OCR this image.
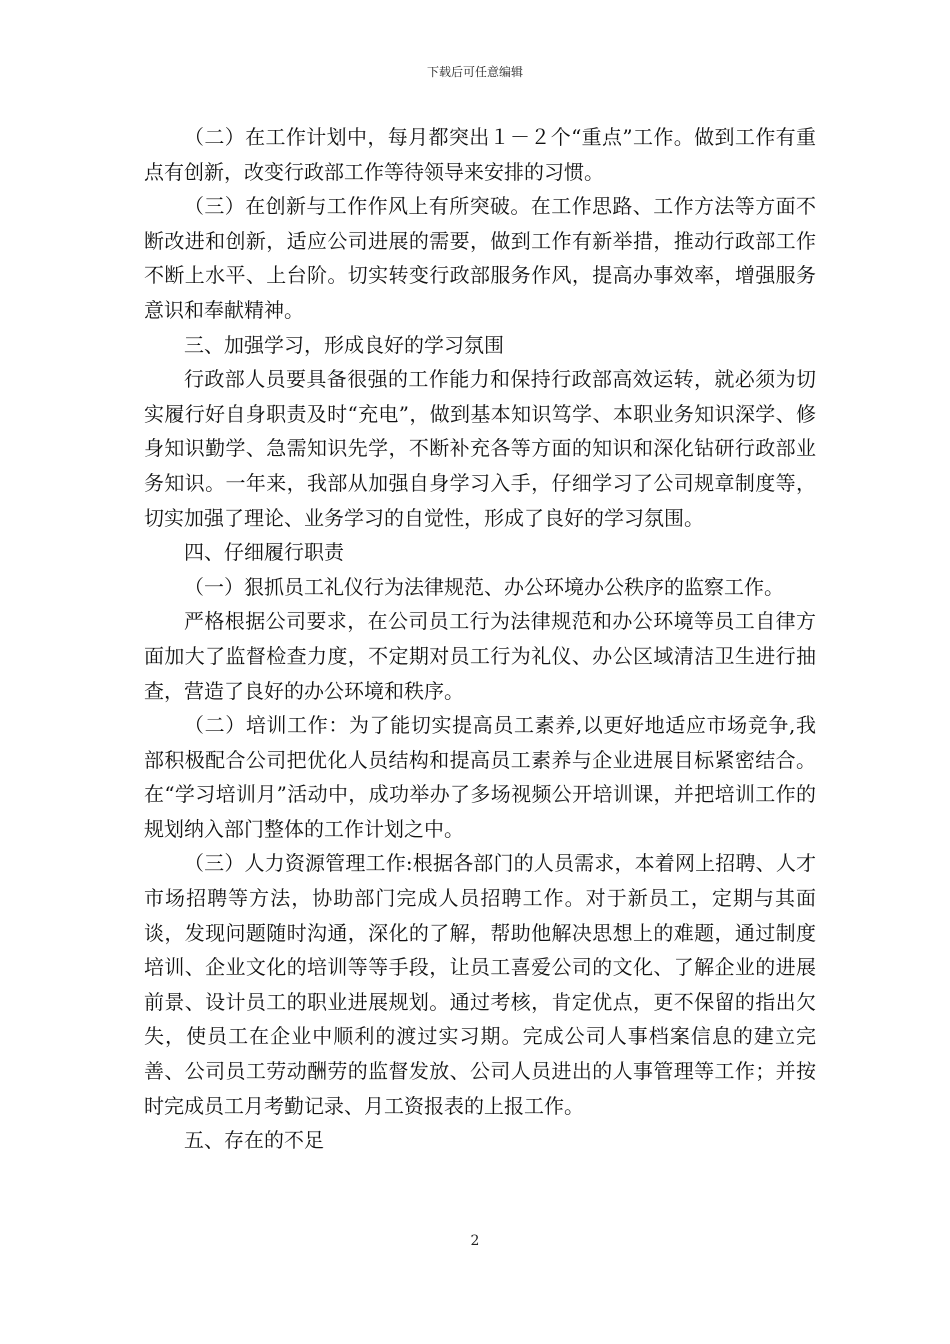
下载后可任意编辑

（二）在工作计划中，每月都突出１－２个“重点”工作。做到工作有重点有创新，改变行政部工作等待领导来安排的习惯。

（三）在创新与工作作风上有所突破。在工作思路、工作方法等方面不断改进和创新，适应公司进展的需要，做到工作有新举措，推动行政部工作不断上水平、上台阶。切实转变行政部服务作风，提高办事效率，增强服务意识和奉献精神。

三、加强学习，形成良好的学习氛围

行政部人员要具备很强的工作能力和保持行政部高效运转，就必须为切实履行好自身职责及时“充电”，做到基本知识笃学、本职业务知识深学、修身知识勤学、急需知识先学，不断补充各等方面的知识和深化钻研行政部业务知识。一年来，我部从加强自身学习入手，仔细学习了公司规章制度等，切实加强了理论、业务学习的自觉性，形成了良好的学习氛围。

四、仔细履行职责

（一）狠抓员工礼仪行为法律规范、办公环境办公秩序的监察工作。

严格根据公司要求，在公司员工行为法律规范和办公环境等员工自律方面加大了监督检查力度，不定期对员工行为礼仪、办公区域清洁卫生进行抽查，营造了良好的办公环境和秩序。

（二）培训工作：为了能切实提高员工素养,以更好地适应市场竞争,我部积极配合公司把优化人员结构和提高员工素养与企业进展目标紧密结合。在“学习培训月”活动中，成功举办了多场视频公开培训课，并把培训工作的规划纳入部门整体的工作计划之中。

（三）人力资源管理工作:根据各部门的人员需求，本着网上招聘、人才市场招聘等方法，协助部门完成人员招聘工作。对于新员工，定期与其面谈，发现问题随时沟通，深化的了解，帮助他解决思想上的难题，通过制度培训、企业文化的培训等等手段，让员工喜爱公司的文化、了解企业的进展前景、设计员工的职业进展规划。通过考核，肯定优点，更不保留的指出欠失，使员工在企业中顺利的渡过实习期。完成公司人事档案信息的建立完善、公司员工劳动酬劳的监督发放、公司人员进出的人事管理等工作；并按时完成员工月考勤记录、月工资报表的上报工作。

五、存在的不足

2
